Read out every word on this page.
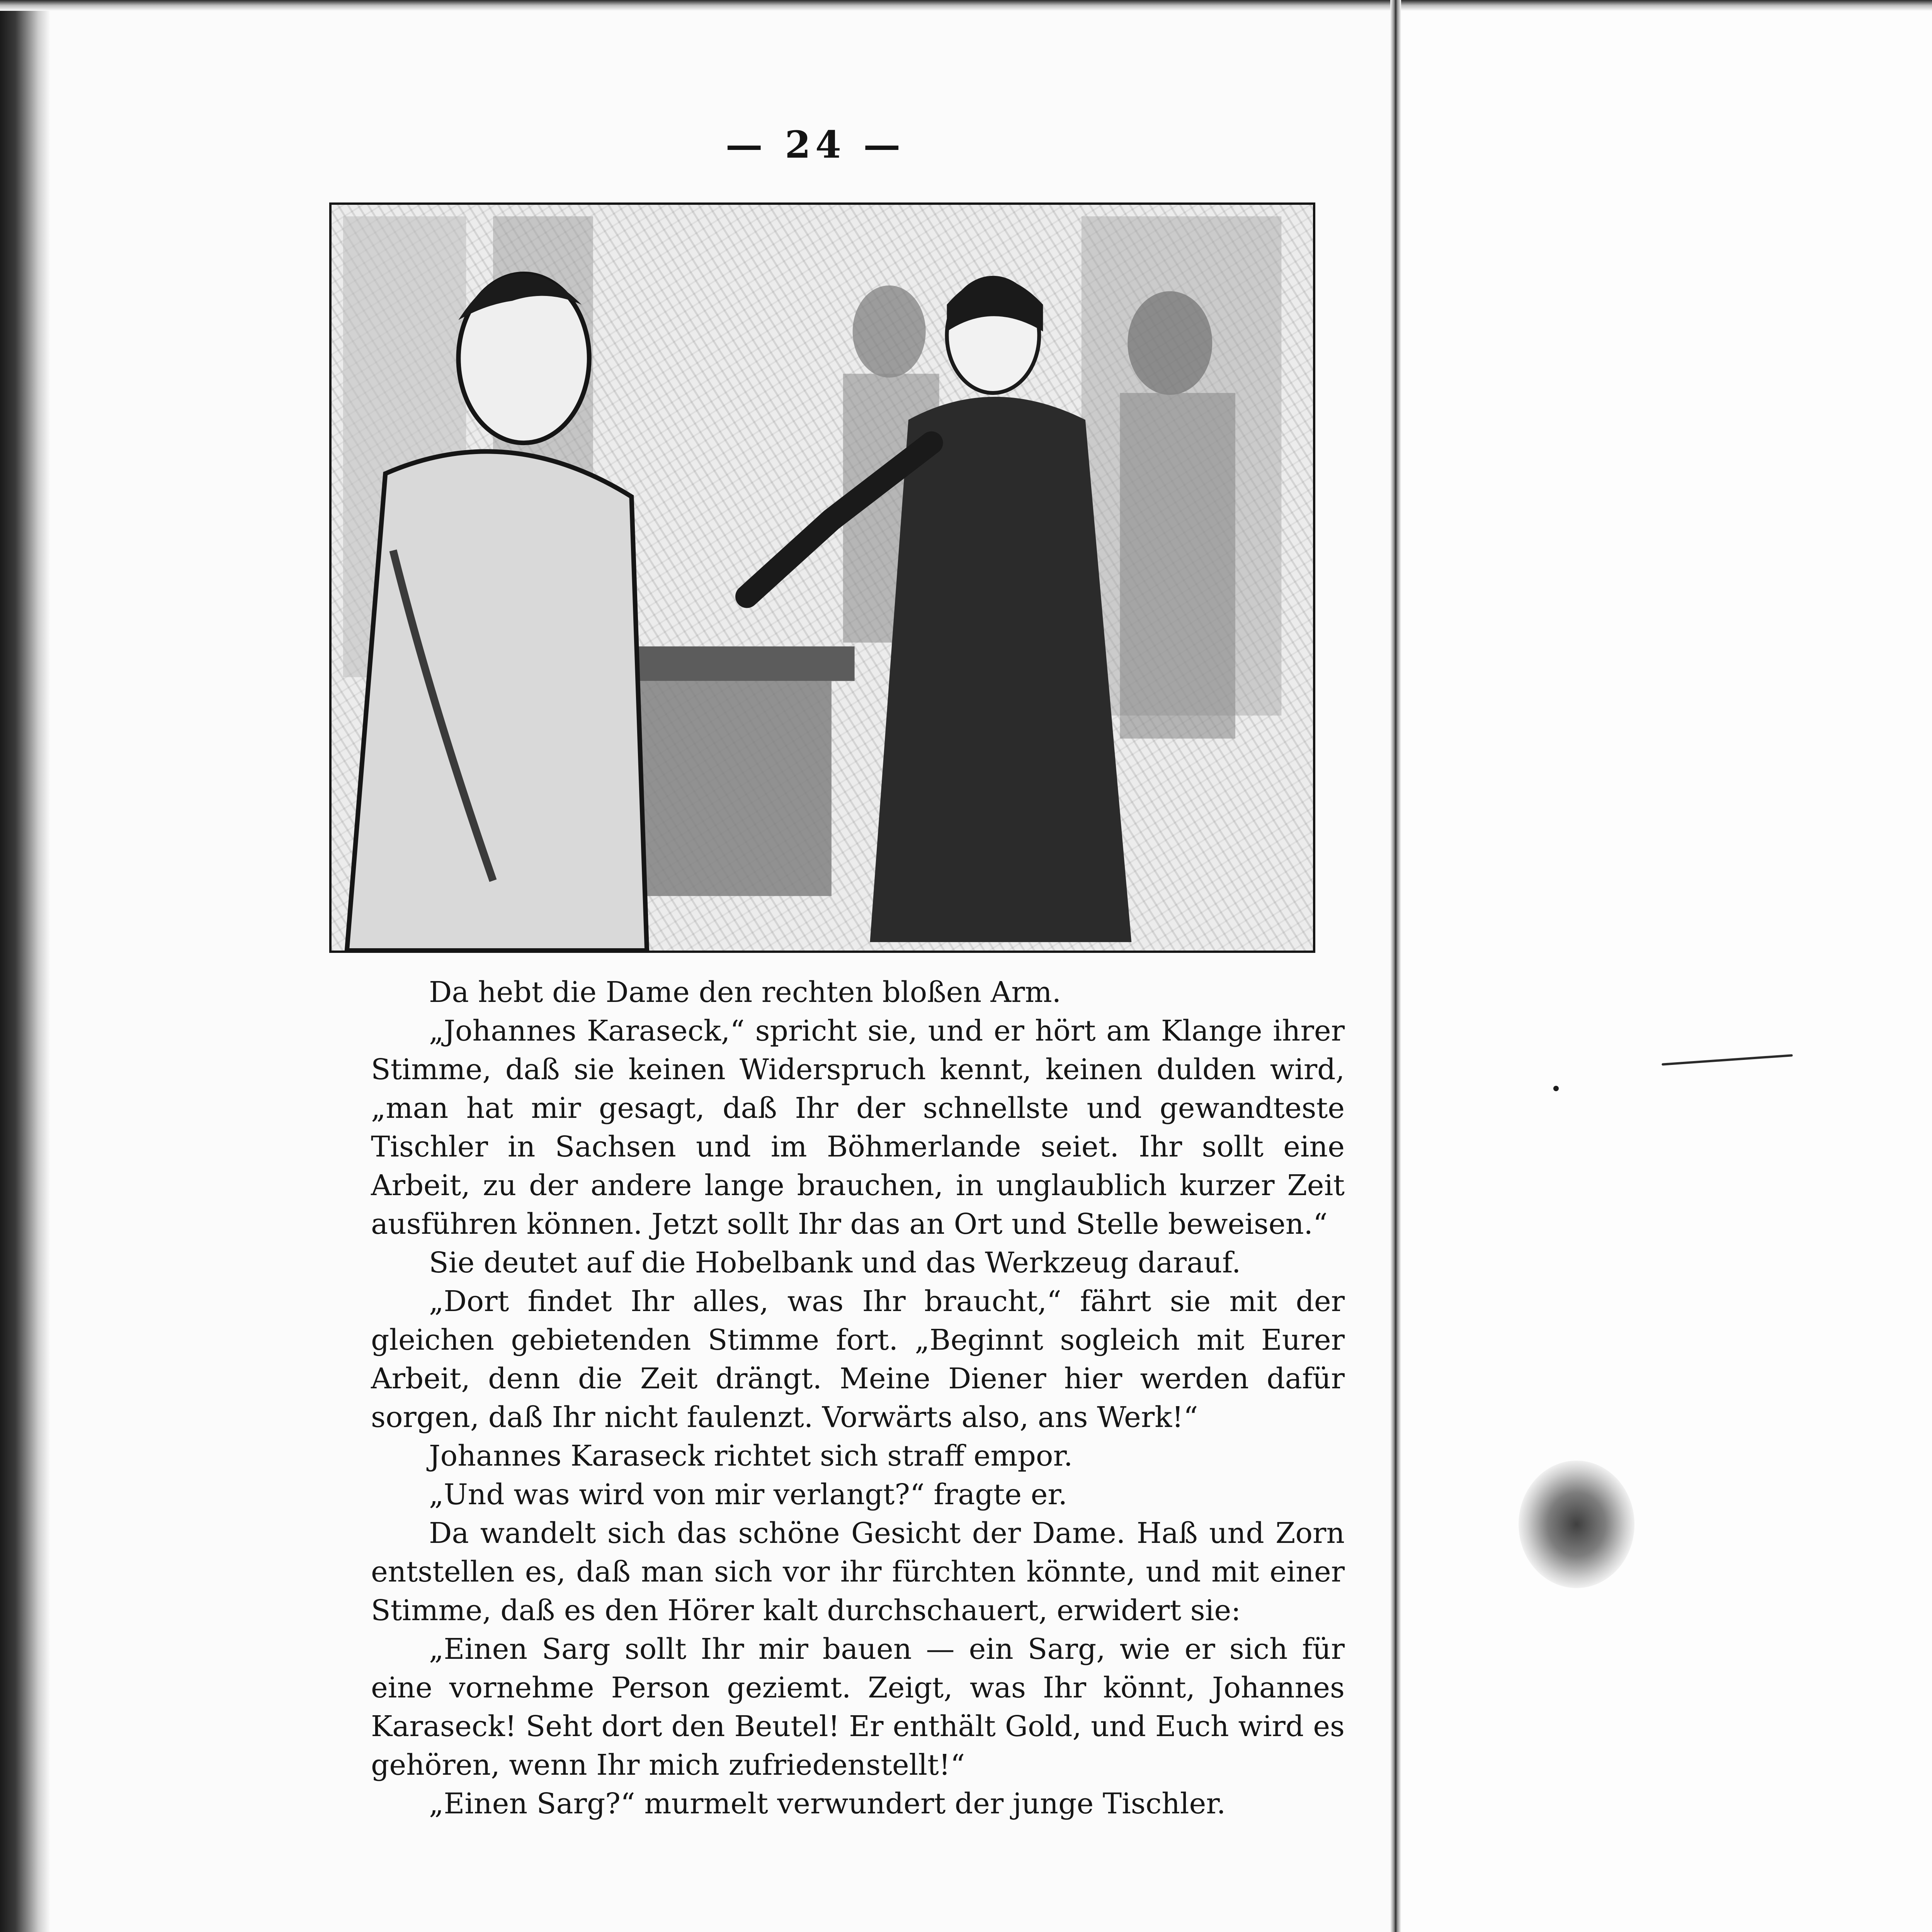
— 24 —

Da hebt die Dame den rechten bloßen Arm.

„Johannes Karaseck,“ spricht sie, und er hört am Klange ihrer Stimme, daß sie keinen Widerspruch kennt, keinen dulden wird, „man hat mir gesagt, daß Ihr der schnellste und gewandteste Tischler in Sachsen und im Böhmerlande seiet. Ihr sollt eine Arbeit, zu der andere lange brauchen, in unglaublich kurzer Zeit ausführen können. Jetzt sollt Ihr das an Ort und Stelle beweisen.“

Sie deutet auf die Hobelbank und das Werkzeug darauf.

„Dort findet Ihr alles, was Ihr braucht,“ fährt sie mit der gleichen gebietenden Stimme fort. „Beginnt sogleich mit Eurer Arbeit, denn die Zeit drängt. Meine Diener hier werden dafür sorgen, daß Ihr nicht faulenzt. Vorwärts also, ans Werk!“

Johannes Karaseck richtet sich straff empor.

„Und was wird von mir verlangt?“ fragte er.

Da wandelt sich das schöne Gesicht der Dame. Haß und Zorn entstellen es, daß man sich vor ihr fürchten könnte, und mit einer Stimme, daß es den Hörer kalt durchschauert, erwidert sie:

„Einen Sarg sollt Ihr mir bauen — ein Sarg, wie er sich für eine vornehme Person geziemt. Zeigt, was Ihr könnt, Johannes Karaseck! Seht dort den Beutel! Er enthält Gold, und Euch wird es gehören, wenn Ihr mich zufriedenstellt!“

„Einen Sarg?“ murmelt verwundert der junge Tischler.
